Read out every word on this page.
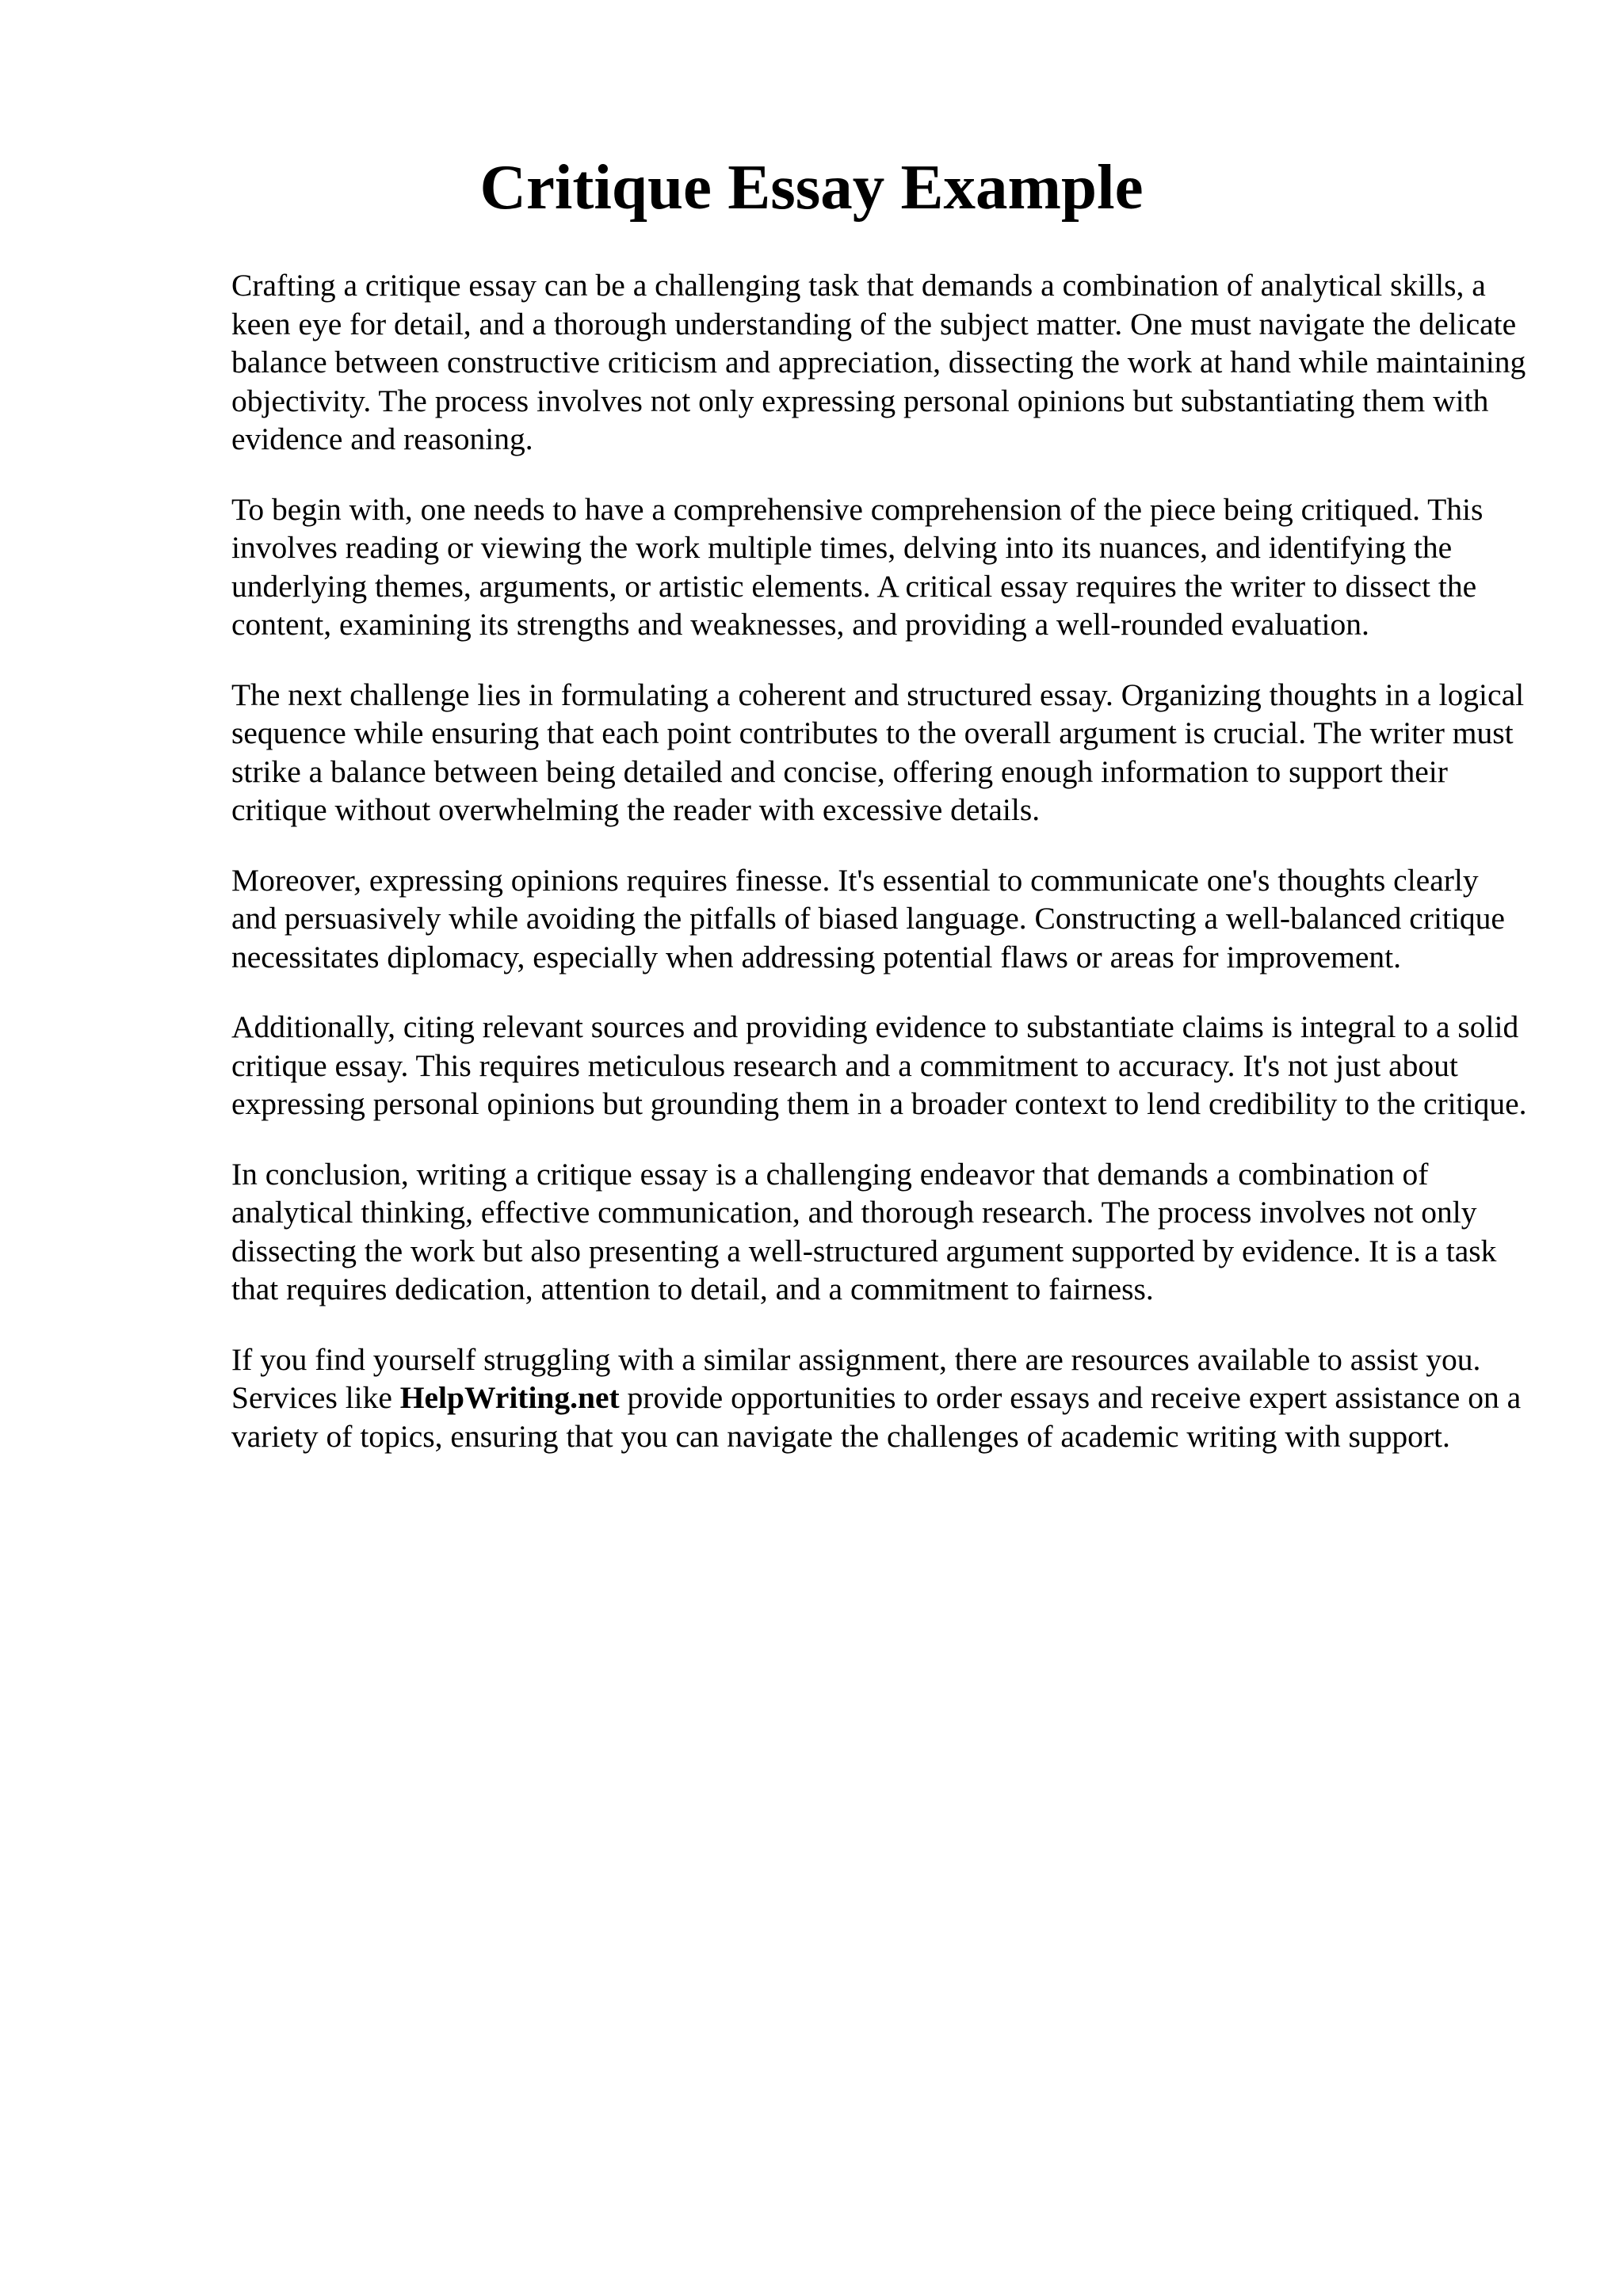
Critique Essay Example

Crafting a critique essay can be a challenging task that demands a combination of analytical skills, a keen eye for detail, and a thorough understanding of the subject matter. One must navigate the delicate balance between constructive criticism and appreciation, dissecting the work at hand while maintaining objectivity. The process involves not only expressing personal opinions but substantiating them with evidence and reasoning.

To begin with, one needs to have a comprehensive comprehension of the piece being critiqued. This involves reading or viewing the work multiple times, delving into its nuances, and identifying the underlying themes, arguments, or artistic elements. A critical essay requires the writer to dissect the content, examining its strengths and weaknesses, and providing a well-rounded evaluation.

The next challenge lies in formulating a coherent and structured essay. Organizing thoughts in a logical sequence while ensuring that each point contributes to the overall argument is crucial. The writer must strike a balance between being detailed and concise, offering enough information to support their critique without overwhelming the reader with excessive details.

Moreover, expressing opinions requires finesse. It's essential to communicate one's thoughts clearly and persuasively while avoiding the pitfalls of biased language. Constructing a well-balanced critique necessitates diplomacy, especially when addressing potential flaws or areas for improvement.

Additionally, citing relevant sources and providing evidence to substantiate claims is integral to a solid critique essay. This requires meticulous research and a commitment to accuracy. It's not just about expressing personal opinions but grounding them in a broader context to lend credibility to the critique.

In conclusion, writing a critique essay is a challenging endeavor that demands a combination of analytical thinking, effective communication, and thorough research. The process involves not only dissecting the work but also presenting a well-structured argument supported by evidence. It is a task that requires dedication, attention to detail, and a commitment to fairness.

If you find yourself struggling with a similar assignment, there are resources available to assist you. Services like HelpWriting.net provide opportunities to order essays and receive expert assistance on a variety of topics, ensuring that you can navigate the challenges of academic writing with support.
